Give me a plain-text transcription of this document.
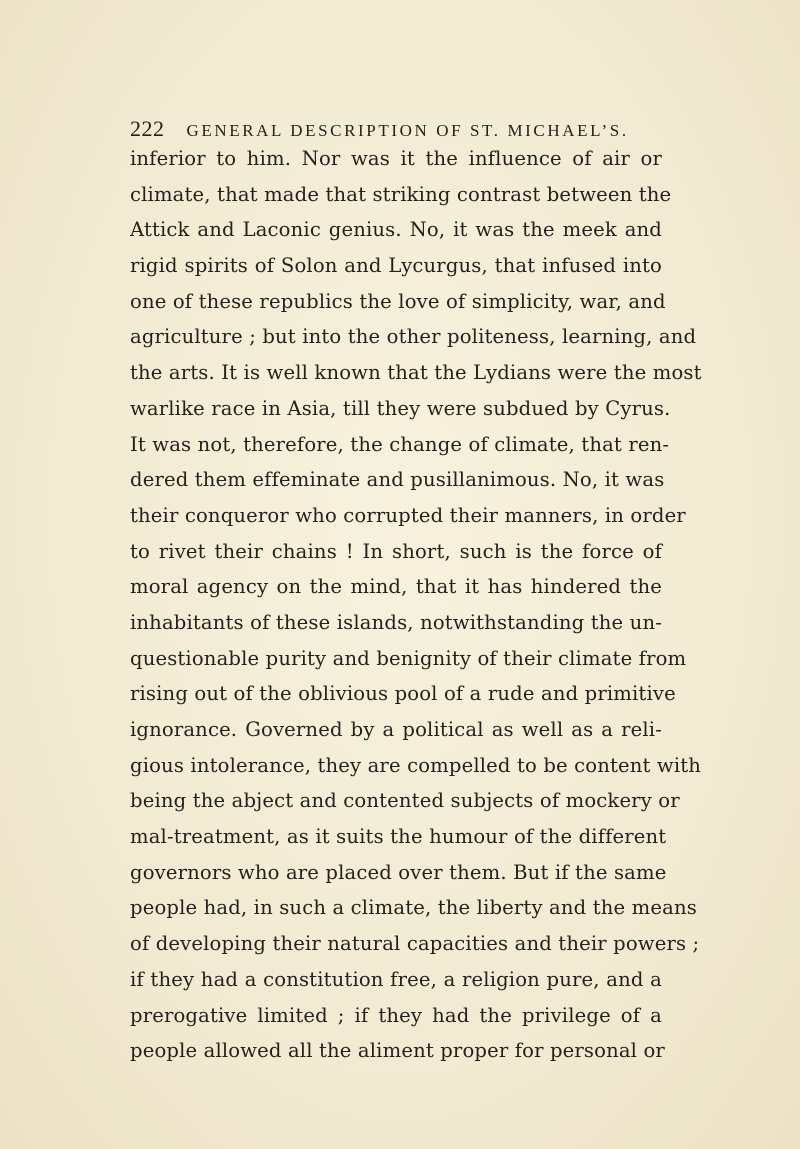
222 GENERAL DESCRIPTION OF ST. MICHAEL’S.
inferior to him. Nor was it the influence of air or
climate, that made that striking contrast between the
Attick and Laconic genius. No, it was the meek and
rigid spirits of Solon and Lycurgus, that infused into
one of these republics the love of simplicity, war, and
agriculture ; but into the other politeness, learning, and
the arts. It is well known that the Lydians were the most
warlike race in Asia, till they were subdued by Cyrus.
It was not, therefore, the change of climate, that ren-
dered them effeminate and pusillanimous. No, it was
their conqueror who corrupted their manners, in order
to rivet their chains ! In short, such is the force of
moral agency on the mind, that it has hindered the
inhabitants of these islands, notwithstanding the un-
questionable purity and benignity of their climate from
rising out of the oblivious pool of a rude and primitive
ignorance. Governed by a political as well as a reli-
gious intolerance, they are compelled to be content with
being the abject and contented subjects of mockery or
mal-treatment, as it suits the humour of the different
governors who are placed over them. But if the same
people had, in such a climate, the liberty and the means
of developing their natural capacities and their powers ;
if they had a constitution free, a religion pure, and a
prerogative limited ; if they had the privilege of a
people allowed all the aliment proper for personal or
